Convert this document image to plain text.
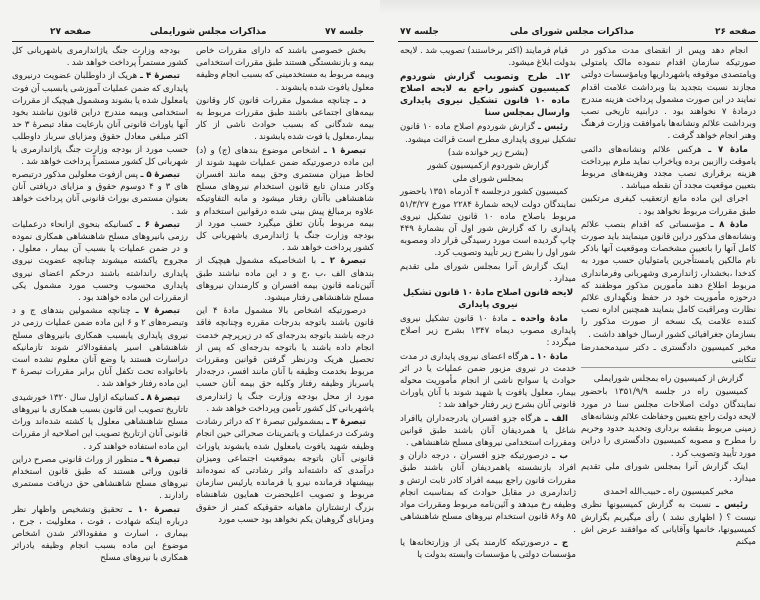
صفحه ۲۷	مذاکرات مجلس شورایملی	جلسه ۷۷

بخش خصوصی باشند که دارای مقررات خاص بیمه و بازنشستگی هستند طبق مقررات استخدامی وبیمه مربوط به مستخدمینی که بسبب انجام وظیفه معلول یافوت شده یابشوند .

د ـ چنانچه مشمول مقررات قانون کار وقانون بیمه‌های اجتماعی باشند طبق مقررات مربوط به بیمه شدگانی که بسبب حوادث ناشی از کار بیمار،معلول یا فوت شده یابشوند .

تبصرهٔ ۱ ـ اشخاص موضوع بندهای (ج) و (د) این ماده درصورتیکه ضمن عملیات شهید شوند از لحاظ میزان مستمری وحق بیمه مانند افسران وکادر مندان تابع قانون استخدام نیروهای مسلح شاهنشاهی باآنان رفتار میشود و مابه التفاوتیکه علاوه برمبالغ پیش بینی شده درقوانین استخدام و بیمه مربوط بآنان تعلق میگیرد حسب مورد از بودجه وزارت جنگ یا ژاندارمری یاشهربانی کل کشور پرداخت خواهد شد .

تبصرهٔ ۲ ـ با اشخاصیکه مشمول هیچیک از بندهای الف ،ب ،ج و د این ماده نباشند طبق آئین‌نامه قانون بیمه افسران و کارمندان نیروهای مسلح شاهنشاهی رفتار میشود.

درصورتیکه اشخاص بالا مشمول مادهٔ ۴ این قانون باشند باتوجه بدرجات مقرره وچنانچه فاقد درجه باشند باتوجه بدرجه‌ای که در زیرپرچم خدمت انجام داده باشند یا باتوجه بدرجه‌ای که پس از تحصیل هریک ودرنظر گرفتن قوانین ومقررات مربوط بخدمت وظیفه با آنان مانند افسر، درجه‌دار یاسرباز وظیفه رفتار وکلیه حق بیمه آنان حسب مورد از محل بودجه وزارت جنگ یا ژاندارمری یاشهربانی کل کشور تأمین وپرداخت خواهد شد .

تبصرهٔ ۳ ـ بمشمولین تبصرهٔ ۲ که دراثر رشادت وشرکت درعملیات و یاتمرینات صحرائی حین انجام وظیفه شهید یافوت یامعلول شده یابشوند یاوراث قانونی آنان باتوجه بموقعیت اجتماعی ومیزان درآمدی که داشته‌اند واثر رشادتی که نموده‌اند بپیشنهاد فرمانده نیرو یا فرمانده یارئیس سازمان مربوط و تصویب اعلیحضرت همایون شاهنشاه بزرگ ارتشتاران ماهیانه حقوقیکه کمتر از حقوق ومزایای گروهبان یکم نخواهد بود حسب مورد

بودجه وزارت جنگ یاژاندارمری یاشهربانی کل کشور مستمراً پرداخت خواهد شد .

تبصرهٔ ۴ ـ هریک از داوطلبان عضویت درنیروی پایداری که ضمن عملیات آموزشی یابسبب آن فوت یامعلول شده یا بشوند ومشمول هیچیک از مقررات استخدامی وبیمه مندرج دراین قانون نباشند بخود آنها یاوراث قانونی آنان بارعایت مفاد تبصرهٔ ۳ حد اکثر مبلغی معادل حقوق ومزایای سرباز داوطلب حسب مورد از بودجه وزارت جنگ یاژاندارمری یا شهربانی کل کشور مستمراً پرداخت خواهد شد .

تبصرهٔ ۵ ـ پس ازفوت معلولین مذکور درتبصره های ۳ و ۴ دوسوم حقوق و مزایای دریافتی آنان بعنوان مستمری بوراث قانونی آنان پرداخت خواهد شد .

تبصرهٔ ۶ ـ کسانیکه بنحوی ازانحاء درعملیات رزمی بانیروهای مسلح شاهنشاهی همکاری نموده و در ضمن عملیات یا بسبب آن بیمار ، معلول ، مجروح یاکشته میشوند چنانچه عضویت نیروی پایداری رانداشته باشند درحکم اعضای نیروی پایداری محسوب وحسب مورد مشمول یکی ازمقررات این ماده خواهند بود .

تبصرهٔ ۷ ـ چنانچه مشمولین بندهای ج و د وتبصره‌های ۲ و ۶ این ماده ضمن عملیات رزمی در نیروی پایداری یابسبب همکاری بانیروهای مسلح شاهنشاهی اسیر یامفقودالاثر شوند تازمانیکه دراسارت هستند یا وضع آنان معلوم نشده است باخانواده تحت تکفل آنان برابر مقررات تبصرهٔ ۳ این ماده رفتار خواهد شد .

تبصرهٔ ۸ ـ کسانیکه ازاول سال ۱۳۲۰ خورشیدی تاتاریخ تصویب این قانون بسبب همکاری با نیروهای مسلح شاهنشاهی معلول یا کشته شده‌اند وراث قانونی آنان ازتاریخ تصویب این اصلاحیه از مقررات این ماده استفاده خواهند کرد .

تبصرهٔ ۹ ـ منظور از وراث قانونی مصرح دراین قانون وراثی هستند که طبق قانون استخدام نیروهای مسلح شاهنشاهی حق دریافت مستمری رادارند .

تبصرهٔ ۱۰ ـ تحقیق وتشخیص واظهار نظر درباره اینکه شهادت ، فوت ، معلولیت ، جرح ، بیماری ، اسارت و مفقودالاثر شدن اشخاص موضوع این ماده بسبب انجام وظیفه یادراثر همکاری با نیروهای مسلح

جلسه ۷۷	مذاکرات مجلس شورای ملی	صفحه ۲۶

انجام دهد وپس از انقضای مدت مذکور در صورتیکه سازمان اقدام ننموده مالک یامتولی ویامتصدی موقوفه یاشهرداریها ویامؤسسات دولتی مجازند نسبت بتجدید بنا وبرداشت علامت اقدام نمایند در این صورت مشمول پرداخت هزینه مندرج درمادهٔ ۷ نخواهند بود . درابنیه تاریخی نصب وبرداشت علائم ونشانه‌ها باموافقت وزارت فرهنگ وهنر انجام خواهد گرفت .

مادهٔ ۷ ـ هرکس علائم ونشانه‌های دائمی یاموقت راازبین برده ویاخراب نماید ملزم بپرداخت هزینه برقراری نصب مجدد وهزینه‌های مربوط بتعیین موقعیت مجدد آن نقطه میباشد .

اجرای این ماده مانع ازتعقیب کیفری مرتکبین طبق مقررات مربوط نخواهد بود .

مادهٔ ۸ ـ مؤسساتی که اقدام بنصب علائم ونشانه‌های مذکور دراین قانون مینمایند باید صورت کامل آنها را باتعیین مشخصات وموقعیت آنها باذکر نام مالکین یامستأجرین یامتولیان حسب مورد به کدخدا ،بخشدار، ژاندارمری وشهربانی وفرمانداری مربوط اطلاع دهند مأمورین مذکور موظفند که درحوزه مأموریت خود در حفظ ونگهداری علائم نظارت ومراقبت کامل بنمایند همچنین اداره نصب کننده علامت یک نسخه از صورت مذکور را بسازمان جغرافیائی کشور ارسال خواهد داشت .

مخبر کمیسیون دادگستری ـ دکتر سیدمحمدرضا تنکابنی

گزارش از کمیسیون راه بمجلس شورایملی

کمیسیون راه در جلسه ۱۳۵۱/۹/۹ باحضور نمایندگان دولت اصلاحات مجلس سنا در مورد لایحه دولت راجع بتعیین وحفاظت علائم ونشانه‌های زمینی مربوط بنقشه برداری وتحدید حدود وحریم را مطرح و مصوبه کمیسیون دادگستری را دراین مورد تأیید وتصویب کرد .

اینک گزارش آنرا بمجلس شورای ملی تقدیم میدارد .

مخبر کمیسیون راه ـ حبیب‌الله احمدی

رئیس ـ نسبت به گزارش کمیسیونها نظری نیست ؟ ( اظهاری نشد ) رأی میگیریم بگزارش کمیسیونها، خانمها وآقایانی که موافقند عرض اش میکنم

قیام فرمایند (اکثر برخاستند) تصویب شد . لایحه بدولت ابلاغ میشود.

۱۲ـ طرح وتصویب گزارش شوردوم کمیسیون کشور راجع به لایحه اصلاح ماده ۱۰ قانون تشکیل نیروی پایداری وارسال بمجلس سنا

رئیس ـ گزارش شوردوم اصلاح ماده ۱۰ قانون تشکیل نیروی پایداری مطرح است قرائت میشود.

(بشرح زیر خوانده شد)

گزارش شوردوم ازکمیسیون کشور

بمجلس شورای ملی

کمیسیون کشور درجلسه ۴ آذرماه ۱۳۵۱ باحضور نمایندگان دولت لایحه شمارهٔ ۲۲۸۴ مورخ ۵۱/۳/۲۷ مربوط باصلاح ماده ۱۰ قانون تشکیل نیروی پایداری را که گزارش شور اول آن بشمارهٔ ۴۴۹ چاپ گردیده است مورد رسیدگی قرار داد ومصوبه شور اول را بشرح زیر تأیید وتصویب کرد.

اینک گزارش آنرا بمجلس شورای ملی تقدیم میدارد .

لایحه قانون اصلاح مادهٔ ۱۰ قانون تشکیل نیروی پایداری

مادهٔ واحده ـ مادهٔ ۱۰ قانون تشکیل نیروی پایداری مصوب دیماه ۱۳۴۷ بشرح زیر اصلاح میگردد :

مادهٔ ۱۰ ـ هرگاه اعضای نیروی پایداری در مدت خدمت در نیروی مزبور ضمن عملیات یا در اثر حوادث یا سوانح ناشی از انجام مأموریت محوله بیمار، معلول یافوت یا شهید شوند با آنان یاوراث قانونی آنان بشرح زیر رفتار خواهد شد :

الف ـ هرگاه جزو افسران یادرجه‌داران یاافراد شاغل یا همردیفان آنان باشند طبق قوانین ومقررات استخدامی نیروهای مسلح شاهنشاهی .

ب ـ درصورتیکه جزو افسران ، درجه داران و افراد بازنشسته یاهمردیفان آنان باشند طبق مقررات قانون راجع ببیمه افراد کادر ثابت ارتش و ژاندارمری در مقابل حوادث که بمناسبت انجام وظیفه رخ میدهد و آئین‌نامه مربوط ومقررات مواد ۸۵ و۸۶ قانون استخدام نیروهای مسلح شاهنشاهی .

ج ـ درصورتیکه کارمند یکی از وزارتخانه‌ها یا مؤسسات دولتی یا مؤسسات وابسته بدولت یا
